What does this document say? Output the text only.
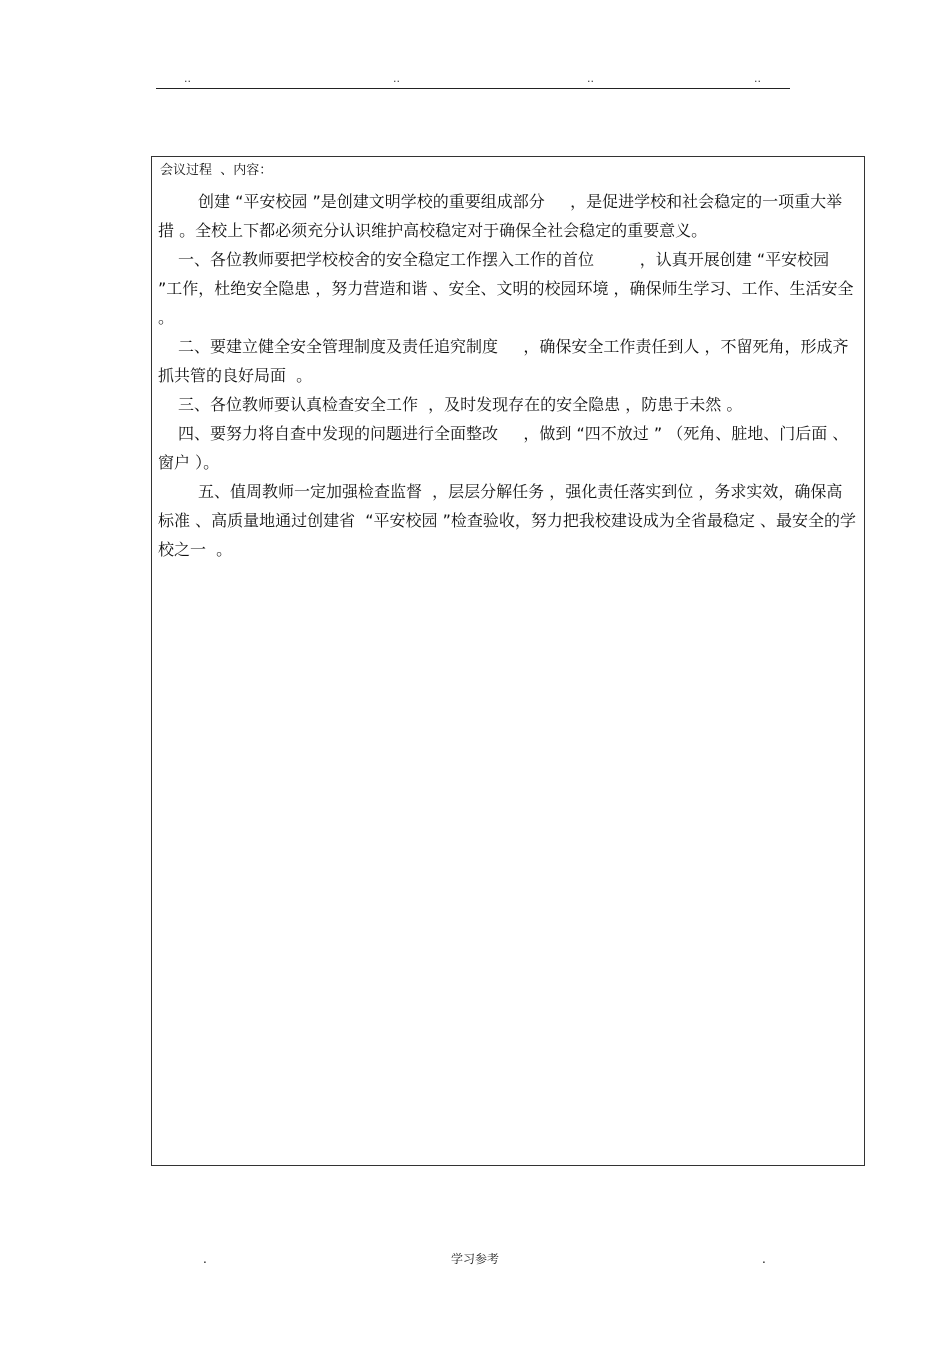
..	..	..	..
会议过程  、内容：

创建 “平安校园 ”是创建文明学校的重要组成部分     ，是促进学校和社会稳定的一项重大举措 。全校上下都必须充分认识维护高校稳定对于确保全社会稳定的重要意义。

一、各位教师要把学校校舍的安全稳定工作摆入工作的首位         ，认真开展创建 “平安校园 ”工作，杜绝安全隐患 ，努力营造和谐 、安全、文明的校园环境 ，确保师生学习、工作、生活安全 。

二、要建立健全安全管理制度及责任追究制度     ，确保安全工作责任到人 ，不留死角，形成齐抓共管的良好局面  。

三、各位教师要认真检查安全工作  ，及时发现存在的安全隐患 ，防患于未然 。

四、要努力将自查中发现的问题进行全面整改     ，做到 “四不放过 ” （死角、脏地、门后面 、窗户 ）。

五、值周教师一定加强检查监督  ，层层分解任务 ，强化责任落实到位 ，务求实效，确保高标准 、高质量地通过创建省  “平安校园 ”检查验收，努力把我校建设成为全省最稳定 、最安全的学校之一  。

.	学习参考	.
